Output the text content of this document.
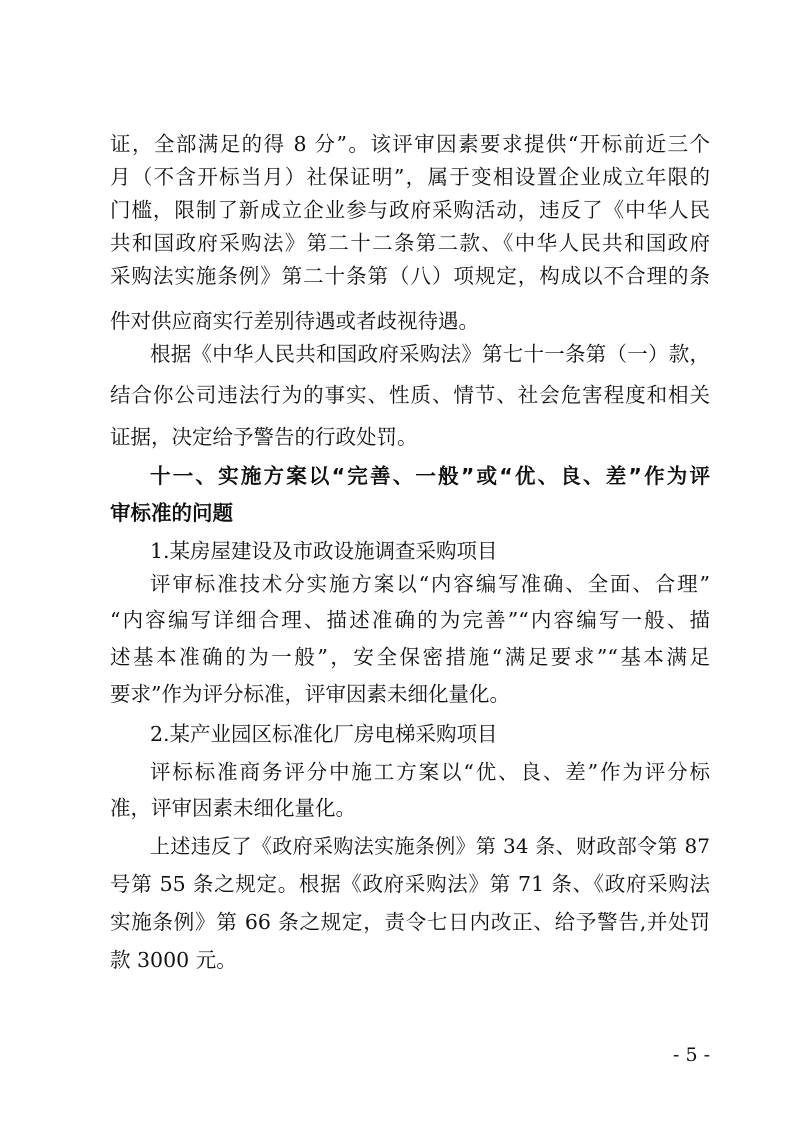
证，全部满足的得 8 分”。该评审因素要求提供“开标前近三个
月（不含开标当月）社保证明”，属于变相设置企业成立年限的
门槛，限制了新成立企业参与政府采购活动，违反了《中华人民
共和国政府采购法》第二十二条第二款、《中华人民共和国政府
采购法实施条例》第二十条第（八）项规定，构成以不合理的条
件对供应商实行差别待遇或者歧视待遇。
根据《中华人民共和国政府采购法》第七十一条第（一）款，
结合你公司违法行为的事实、性质、情节、社会危害程度和相关
证据，决定给予警告的行政处罚。
十一、实施方案以“完善、一般”或“优、良、差”作为评
审标准的问题
1.某房屋建设及市政设施调查采购项目
评审标准技术分实施方案以“内容编写准确、全面、合理”
“内容编写详细合理、描述准确的为完善”“内容编写一般、描
述基本准确的为一般”，安全保密措施“满足要求”“基本满足
要求”作为评分标准，评审因素未细化量化。
2.某产业园区标准化厂房电梯采购项目
评标标准商务评分中施工方案以“优、良、差”作为评分标
准，评审因素未细化量化。
上述违反了《政府采购法实施条例》第 34 条、财政部令第 87
号第 55 条之规定。根据《政府采购法》第 71 条、《政府采购法
实施条例》第 66 条之规定，责令七日内改正、给予警告,并处罚
款 3000 元。
- 5 -
